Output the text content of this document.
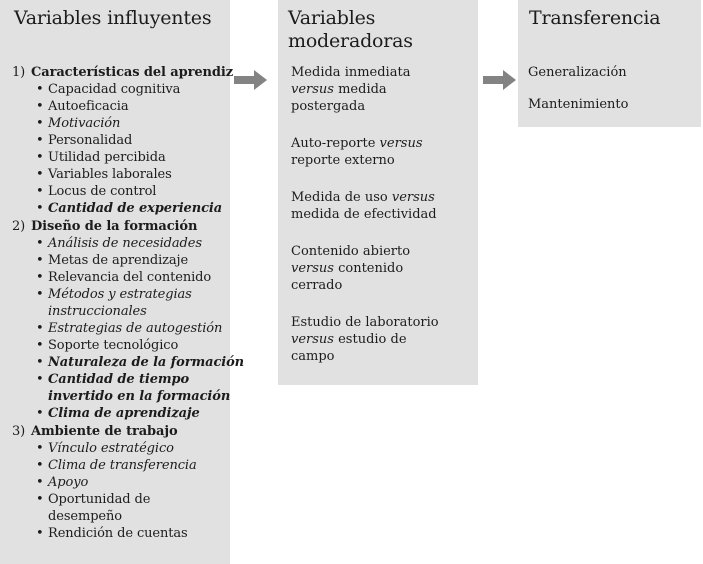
Variables influyentes
1) Características del aprendiz
• Capacidad cognitiva
• Autoeficacia
• Motivación
• Personalidad
• Utilidad percibida
• Variables laborales
• Locus de control
• Cantidad de experiencia
2) Diseño de la formación
• Análisis de necesidades
• Metas de aprendizaje
• Relevancia del contenido
• Métodos y estrategias
instruccionales
• Estrategias de autogestión
• Soporte tecnológico
• Naturaleza de la formación
• Cantidad de tiempo
invertido en la formación
• Clima de aprendizaje
3) Ambiente de trabajo
• Vínculo estratégico
• Clima de transferencia
• Apoyo
• Oportunidad de
desempeño
• Rendición de cuentas
Variables
moderadoras
Medida inmediata
versus medida
postergada
Auto-reporte versus
reporte externo
Medida de uso versus
medida de efectividad
Contenido abierto
versus contenido
cerrado
Estudio de laboratorio
versus estudio de
campo
Transferencia
Generalización
Mantenimiento
